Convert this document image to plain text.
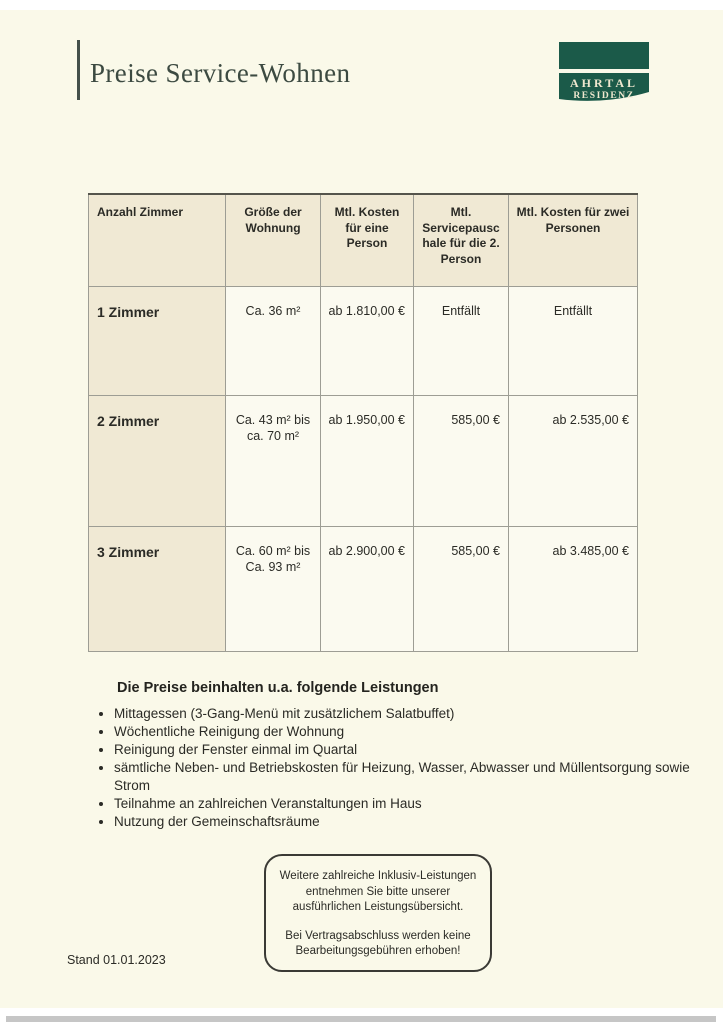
Preise Service-Wohnen	AHRTAL
RESIDENZ
Anzahl Zimmer	Größe der Wohnung	Mtl. Kosten für eine Person	Mtl. Servicepauschale für die 2. Person	Mtl. Kosten für zwei Personen
1 Zimmer	Ca. 36 m²	ab 1.810,00 €	Entfällt	Entfällt
2 Zimmer	Ca. 43 m² bis ca. 70 m²	ab 1.950,00 €	585,00 €	ab 2.535,00 €
3 Zimmer	Ca. 60 m² bis Ca. 93 m²	ab 2.900,00 €	585,00 €	ab 3.485,00 €

Die Preise beinhalten u.a. folgende Leistungen

• Mittagessen (3-Gang-Menü mit zusätzlichem Salatbuffet)
• Wöchentliche Reinigung der Wohnung
• Reinigung der Fenster einmal im Quartal
• sämtliche Neben- und Betriebskosten für Heizung, Wasser, Abwasser und Müllentsorgung sowie Strom
• Teilnahme an zahlreichen Veranstaltungen im Haus
• Nutzung der Gemeinschaftsräume

Weitere zahlreiche Inklusiv-Leistungen entnehmen Sie bitte unserer ausführlichen Leistungsübersicht.

Bei Vertragsabschluss werden keine Bearbeitungsgebühren erhoben!

Stand 01.01.2023
